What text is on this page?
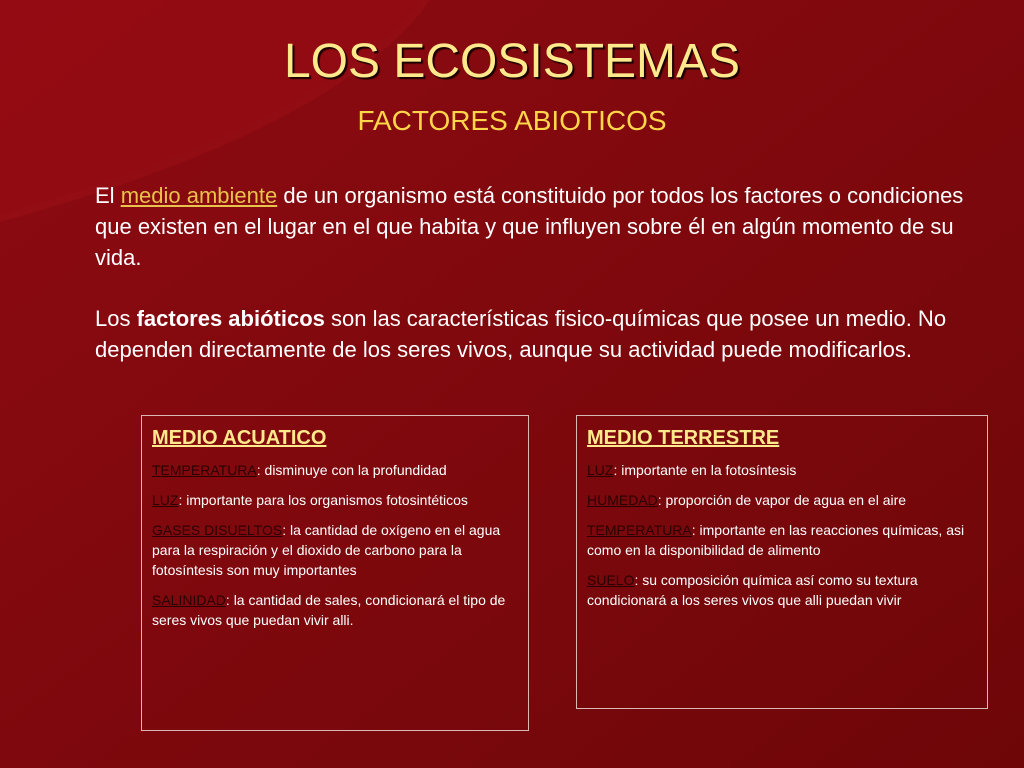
LOS ECOSISTEMAS
FACTORES ABIOTICOS
El medio ambiente de un organismo está constituido por todos los factores o condiciones que existen en el lugar en el que habita y que influyen sobre él en algún momento de su vida.
Los factores abióticos son las características fisico-químicas que posee un medio. No dependen directamente de los seres vivos, aunque su actividad puede modificarlos.
MEDIO ACUATICO
TEMPERATURA: disminuye con la profundidad
LUZ: importante para los organismos fotosintéticos
GASES DISUELTOS: la cantidad de oxígeno en el agua para la respiración y el dioxido de carbono para la fotosíntesis son muy importantes
SALINIDAD: la cantidad de sales, condicionará el tipo de seres vivos que puedan vivir alli.
MEDIO TERRESTRE
LUZ: importante en la fotosíntesis
HUMEDAD: proporción de vapor de agua en el aire
TEMPERATURA: importante en las reacciones químicas, asi como en la disponibilidad de alimento
SUELO: su composición química así como su textura condicionará a los seres vivos que alli puedan vivir
